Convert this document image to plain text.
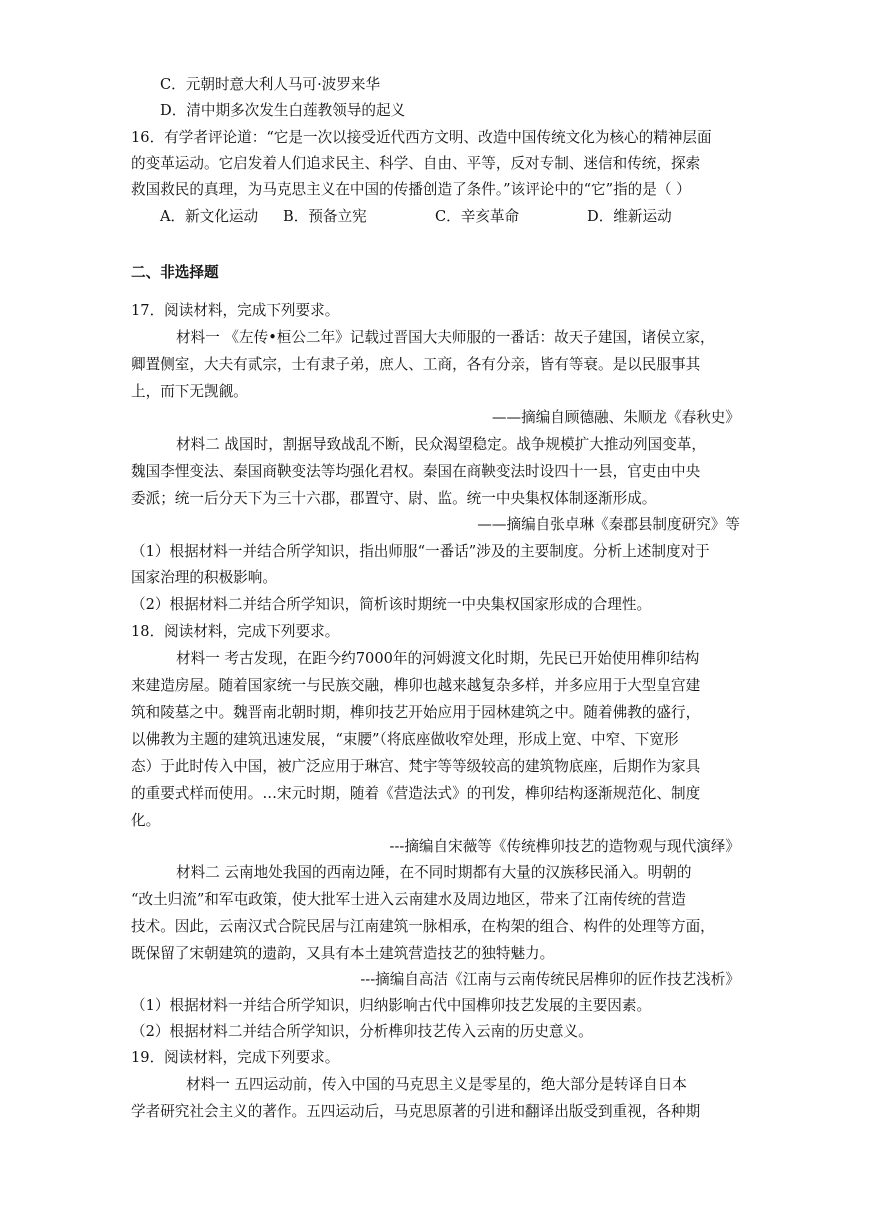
C．元朝时意大利人马可·波罗来华
D．清中期多次发生白莲教领导的起义
16．有学者评论道：“它是一次以接受近代西方文明、改造中国传统文化为核心的精神层面
的变革运动。它启发着人们追求民主、科学、自由、平等，反对专制、迷信和传统，探索
救国救民的真理，为马克思主义在中国的传播创造了条件。”该评论中的“它”指的是（ ）
A．新文化运动 B．预备立宪	C．辛亥革命	D．维新运动
二、非选择题
17．阅读材料，完成下列要求。
材料一 《左传•桓公二年》记载过晋国大夫师服的一番话：故天子建国，诸侯立家，
卿置侧室，大夫有贰宗，士有隶子弟，庶人、工商，各有分亲，皆有等衰。是以民服事其
上，而下无觊觎。
——摘编自顾德融、朱顺龙《春秋史》
材料二 战国时，割据导致战乱不断，民众渴望稳定。战争规模扩大推动列国变革，
魏国李悝变法、秦国商鞅变法等均强化君权。秦国在商鞅变法时设四十一县，官吏由中央
委派；统一后分天下为三十六郡，郡置守、尉、监。统一中央集权体制逐渐形成。
——摘编自张卓琳《秦郡县制度研究》等
（1）根据材料一并结合所学知识，指出师服“一番话”涉及的主要制度。分析上述制度对于
国家治理的积极影响。
（2）根据材料二并结合所学知识，简析该时期统一中央集权国家形成的合理性。
18．阅读材料，完成下列要求。
材料一 考古发现，在距今约7000年的河姆渡文化时期，先民已开始使用榫卯结构
来建造房屋。随着国家统一与民族交融，榫卯也越来越复杂多样，并多应用于大型皇宫建
筑和陵墓之中。魏晋南北朝时期，榫卯技艺开始应用于园林建筑之中。随着佛教的盛行，
以佛教为主题的建筑迅速发展，“束腰”（将底座做收窄处理，形成上宽、中窄、下宽形
态）于此时传入中国，被广泛应用于琳宫、梵宇等等级较高的建筑物底座，后期作为家具
的重要式样而使用。…宋元时期，随着《营造法式》的刊发，榫卯结构逐渐规范化、制度
化。
---摘编自宋薇等《传统榫卯技艺的造物观与现代演绎》
材料二 云南地处我国的西南边陲，在不同时期都有大量的汉族移民涌入。明朝的
“改土归流”和军屯政策，使大批军士进入云南建水及周边地区，带来了江南传统的营造
技术。因此，云南汉式合院民居与江南建筑一脉相承，在构架的组合、构件的处理等方面，
既保留了宋朝建筑的遗韵，又具有本土建筑营造技艺的独特魅力。
---摘编自高洁《江南与云南传统民居榫卯的匠作技艺浅析》
（1）根据材料一并结合所学知识，归纳影响古代中国榫卯技艺发展的主要因素。
（2）根据材料二并结合所学知识，分析榫卯技艺传入云南的历史意义。
19．阅读材料，完成下列要求。
材料一 五四运动前，传入中国的马克思主义是零星的，绝大部分是转译自日本
学者研究社会主义的著作。五四运动后，马克思原著的引进和翻译出版受到重视，各种期
